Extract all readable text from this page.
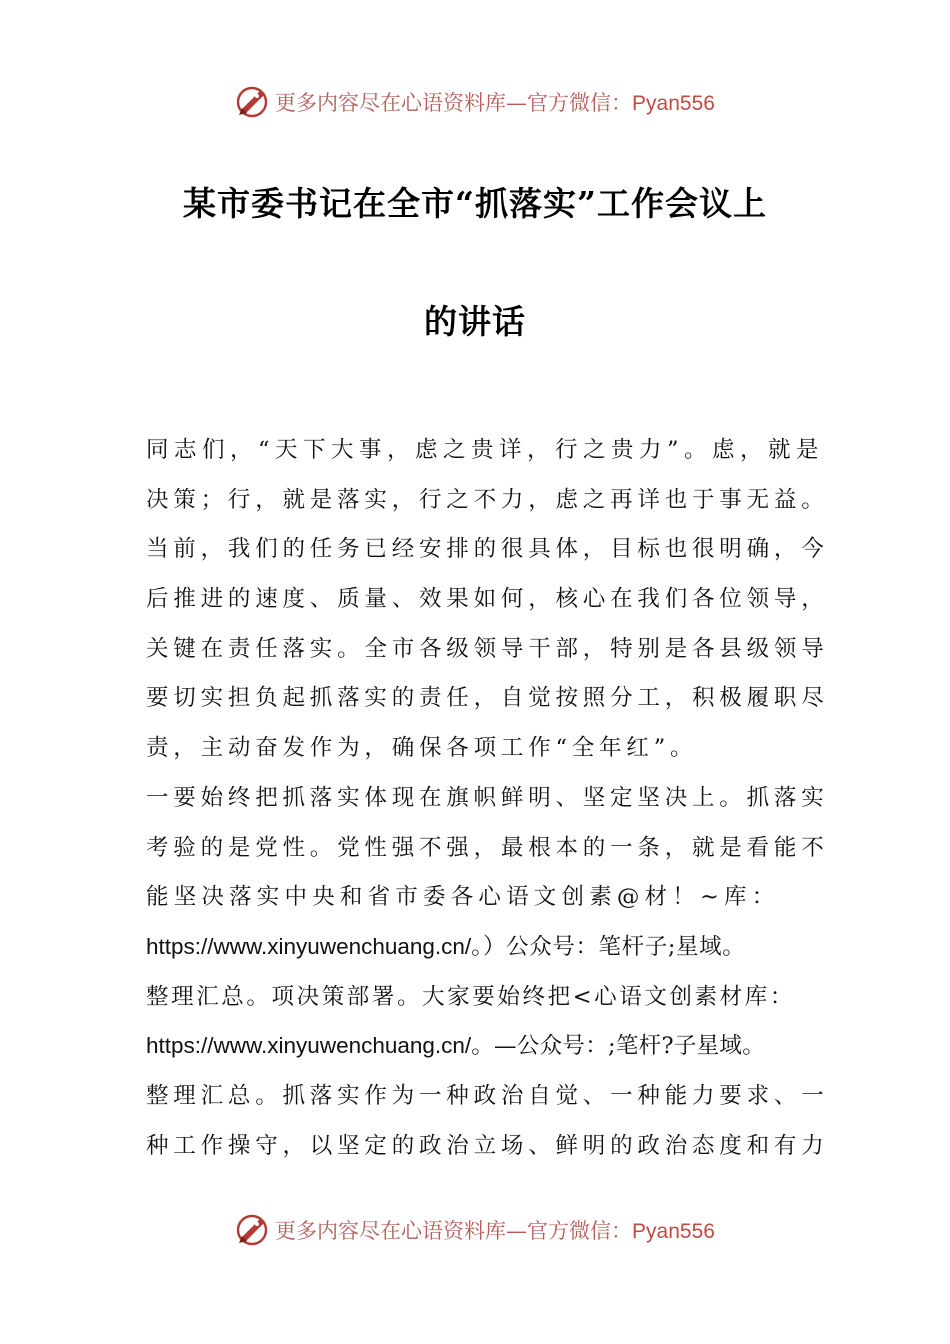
更多内容尽在心语资料库—官方微信：Pyan556
某市委书记在全市“抓落实”工作会议上
的讲话
同志们，“天下大事，虑之贵详，行之贵力”。虑，就是
决策；行，就是落实，行之不力，虑之再详也于事无益。
当前，我们的任务已经安排的很具体，目标也很明确，今
后推进的速度、质量、效果如何，核心在我们各位领导，
关键在责任落实。全市各级领导干部，特别是各县级领导
要切实担负起抓落实的责任，自觉按照分工，积极履职尽
责，主动奋发作为，确保各项工作“全年红”。
一要始终把抓落实体现在旗帜鲜明、坚定坚决上。抓落实
考验的是党性。党性强不强，最根本的一条，就是看能不
能坚决落实中央和省市委各心语文创素@材！~库：
https://www.xinyuwenchuang.cn/。）公众号：笔杆子;星域。
整理汇总。项决策部署。大家要始终把<心语文创素材库：
https://www.xinyuwenchuang.cn/。—公众号：;笔杆?子星域。
整理汇总。抓落实作为一种政治自觉、一种能力要求、一
种工作操守，以坚定的政治立场、鲜明的政治态度和有力
更多内容尽在心语资料库—官方微信：Pyan556
